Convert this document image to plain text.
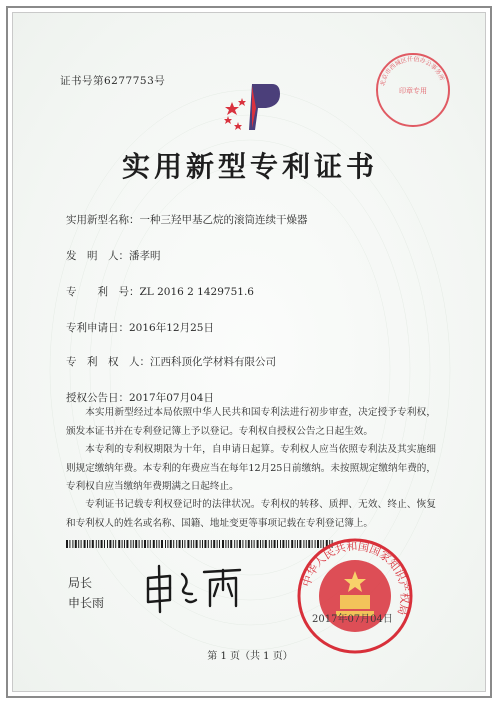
证书号第6277753号
实用新型专利证书
实用新型名称：一种三羟甲基乙烷的滚筒连续干燥器
发　明　人：潘孝明
专　　利　号：ZL 2016 2 1429751.6
专利申请日：2016年12月25日
专　利　权　人：江西科顶化学材料有限公司
授权公告日：2017年07月04日
本实用新型经过本局依照中华人民共和国专利法进行初步审查，决定授予专利权，颁发本证书并在专利登记簿上予以登记。专利权自授权公告之日起生效。
本专利的专利权期限为十年，自申请日起算。专利权人应当依照专利法及其实施细则规定缴纳年费。本专利的年费应当在每年12月25日前缴纳。未按照规定缴纳年费的，专利权自应当缴纳年费期满之日起终止。
专利证书记载专利权登记时的法律状况。专利权的转移、质押、无效、终止、恢复和专利权人的姓名或名称、国籍、地址变更等事项记载在专利登记簿上。
局长
申长雨
中华人民共和国国家知识产权局
北京市西城区仟佰办公事务所
印章专用
2017年07月04日
第 1 页（共 1 页）
